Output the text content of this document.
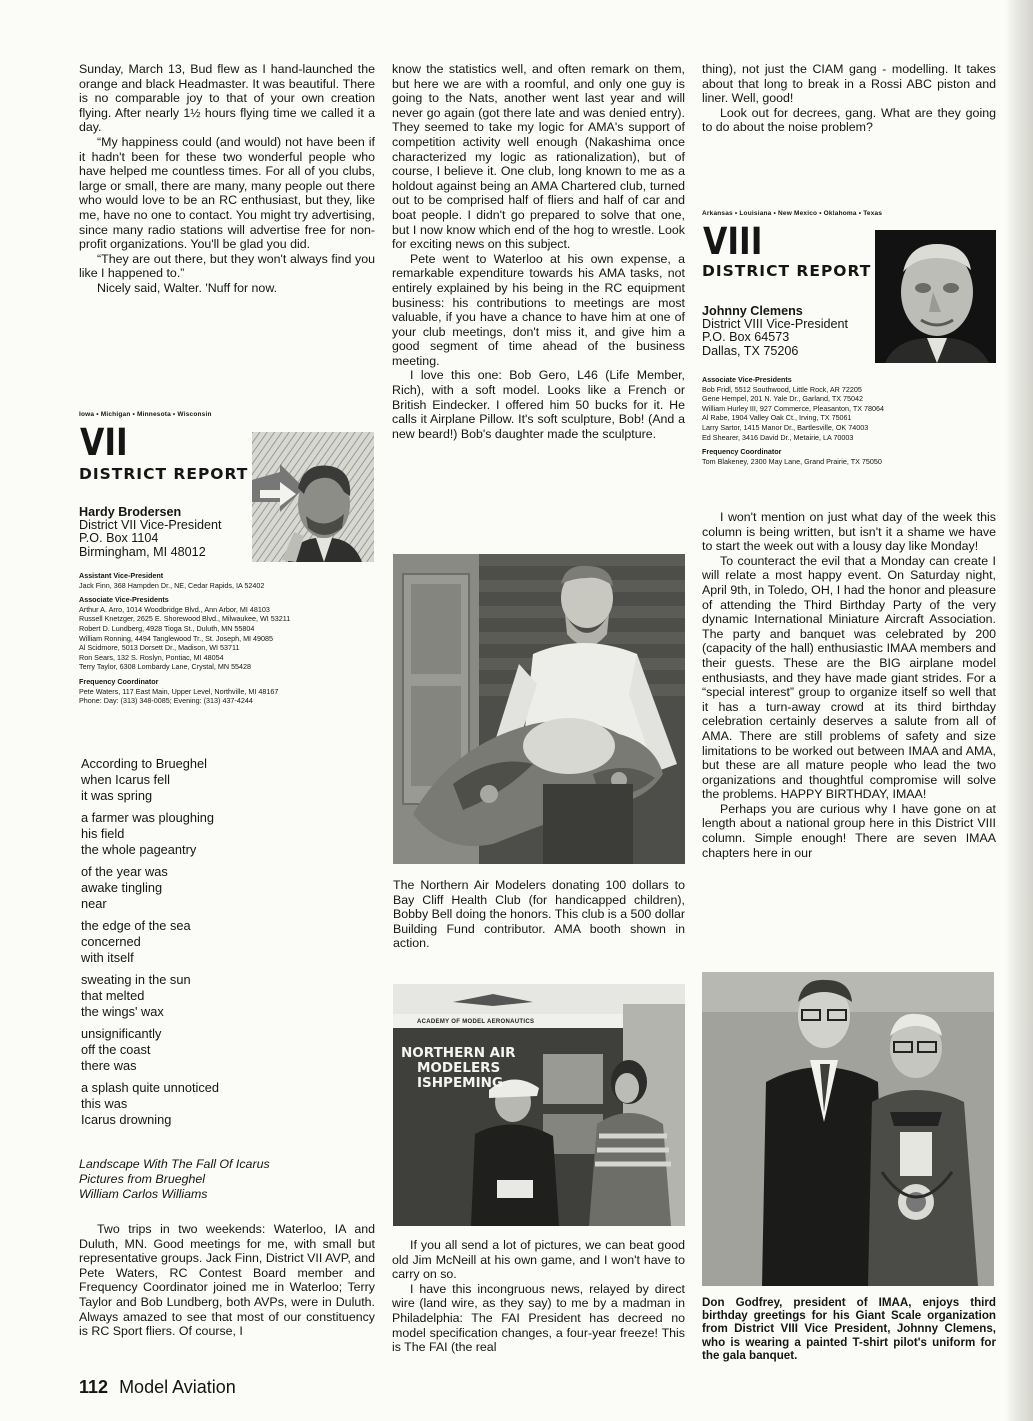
Sunday, March 13, Bud flew as I hand-launched the orange and black Headmaster. It was beautiful. There is no comparable joy to that of your own creation flying. After nearly 1½ hours flying time we called it a day.

“My happiness could (and would) not have been if it hadn't been for these two wonderful people who have helped me countless times. For all of you clubs, large or small, there are many, many people out there who would love to be an RC enthusiast, but they, like me, have no one to contact. You might try advertising, since many radio stations will advertise free for non-profit organizations. You'll be glad you did.

“They are out there, but they won't always find you like I happened to.”

Nicely said, Walter. 'Nuff for now.

Iowa • Michigan • Minnesota • Wisconsin
VII
DISTRICT REPORT
Hardy Brodersen
District VII Vice-President
P.O. Box 1104
Birmingham, MI 48012
Assistant Vice-President
Jack Finn, 368 Hampden Dr., NE, Cedar Rapids, IA 52402
Associate Vice-Presidents
Arthur A. Arro, 1014 Woodbridge Blvd., Ann Arbor, MI 48103
Russell Knetzger, 2625 E. Shorewood Blvd., Milwaukee, WI 53211
Robert D. Lundberg, 4928 Tioga St., Duluth, MN 55804
William Ronning, 4494 Tanglewood Tr., St. Joseph, MI 49085
Al Scidmore, 5013 Dorsett Dr., Madison, WI 53711
Ron Sears, 132 S. Roslyn, Pontiac, MI 48054
Terry Taylor, 6308 Lombardy Lane, Crystal, MN 55428
Frequency Coordinator
Pete Waters, 117 East Main, Upper Level, Northville, MI 48167
Phone: Day: (313) 348-0085; Evening: (313) 437-4244
According to Brueghel
when Icarus fell
it was spring
a farmer was ploughing
his field
the whole pageantry
of the year was
awake tingling
near
the edge of the sea
concerned
with itself
sweating in the sun
that melted
the wings' wax
unsignificantly
off the coast
there was
a splash quite unnoticed
this was
Icarus drowning
Landscape With The Fall Of Icarus
Pictures from Brueghel
William Carlos Williams

Two trips in two weekends: Waterloo, IA and Duluth, MN. Good meetings for me, with small but representative groups. Jack Finn, District VII AVP, and Pete Waters, RC Contest Board member and Frequency Coordinator joined me in Waterloo; Terry Taylor and Bob Lundberg, both AVPs, were in Duluth. Always amazed to see that most of our constituency is RC Sport fliers. Of course, I

know the statistics well, and often remark on them, but here we are with a roomful, and only one guy is going to the Nats, another went last year and will never go again (got there late and was denied entry). They seemed to take my logic for AMA's support of competition activity well enough (Nakashima once characterized my logic as rationalization), but of course, I believe it. One club, long known to me as a holdout against being an AMA Chartered club, turned out to be comprised half of fliers and half of car and boat people. I didn't go prepared to solve that one, but I now know which end of the hog to wrestle. Look for exciting news on this subject.

Pete went to Waterloo at his own expense, a remarkable expenditure towards his AMA tasks, not entirely explained by his being in the RC equipment business: his contributions to meetings are most valuable, if you have a chance to have him at one of your club meetings, don't miss it, and give him a good segment of time ahead of the business meeting.

I love this one: Bob Gero, L46 (Life Member, Rich), with a soft model. Looks like a French or British Eindecker. I offered him 50 bucks for it. He calls it Airplane Pillow. It's soft sculpture, Bob! (And a new beard!) Bob's daughter made the sculpture.

The Northern Air Modelers donating 100 dollars to Bay Cliff Health Club (for handicapped children), Bobby Bell doing the honors. This club is a 500 dollar Building Fund contributor. AMA booth shown in action.
ACADEMY OF MODEL AERONAUTICS
NORTHERN AIR
MODELERS
ISHPEMING

If you all send a lot of pictures, we can beat good old Jim McNeill at his own game, and I won't have to carry on so.

I have this incongruous news, relayed by direct wire (land wire, as they say) to me by a madman in Philadelphia: The FAI President has decreed no model specification changes, a four-year freeze! This is The FAI (the real

thing), not just the CIAM gang - modelling. It takes about that long to break in a Rossi ABC piston and liner. Well, good!

Look out for decrees, gang. What are they going to do about the noise problem?

Arkansas • Louisiana • New Mexico • Oklahoma • Texas
VIII
DISTRICT REPORT
Johnny Clemens
District VIII Vice-President
P.O. Box 64573
Dallas, TX 75206
Associate Vice-Presidents
Bob Fridl, 5512 Southwood, Little Rock, AR 72205
Gene Hempel, 201 N. Yale Dr., Garland, TX 75042
William Hurley III, 927 Commerce, Pleasanton, TX 78064
Al Rabe, 1904 Valley Oak Ct., Irving, TX 75061
Larry Sartor, 1415 Manor Dr., Bartlesville, OK 74003
Ed Shearer, 3416 David Dr., Metairie, LA 70003
Frequency Coordinator
Tom Blakeney, 2300 May Lane, Grand Prairie, TX 75050

I won't mention on just what day of the week this column is being written, but isn't it a shame we have to start the week out with a lousy day like Monday!

To counteract the evil that a Monday can create I will relate a most happy event. On Saturday night, April 9th, in Toledo, OH, I had the honor and pleasure of attending the Third Birthday Party of the very dynamic International Miniature Aircraft Association. The party and banquet was celebrated by 200 (capacity of the hall) enthusiastic IMAA members and their guests. These are the BIG airplane model enthusiasts, and they have made giant strides. For a “special interest” group to organize itself so well that it has a turn-away crowd at its third birthday celebration certainly deserves a salute from all of AMA. There are still problems of safety and size limitations to be worked out between IMAA and AMA, but these are all mature people who lead the two organizations and thoughtful compromise will solve the problems. HAPPY BIRTHDAY, IMAA!

Perhaps you are curious why I have gone on at length about a national group here in this District VIII column. Simple enough! There are seven IMAA chapters here in our

Don Godfrey, president of IMAA, enjoys third birthday greetings for his Giant Scale organization from District VIII Vice President, Johnny Clemens, who is wearing a painted T-shirt pilot's uniform for the gala banquet.
112 Model Aviation
